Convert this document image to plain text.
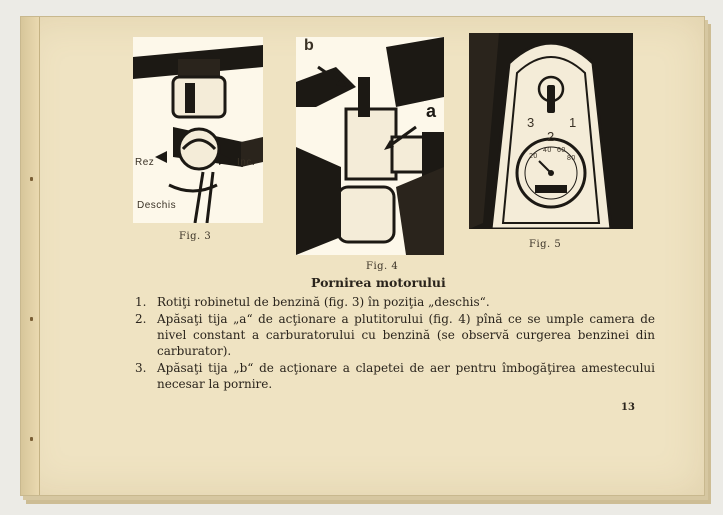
Rez	Inc.
Deschis
Fig. 3
b
a
Fig. 4
3
2
1
20
40 60
80
Fig. 5
Pornirea motorului
1. Rotiţi robinetul de benzină (fig. 3) în poziţia „deschis“.
2. Apăsaţi tija „a“ de acţionare a plutitorului (fig. 4) pînă ce se umple camera de nivel constant a carburatorului cu benzină (se observă curgerea benzinei din carburator).
3. Apăsaţi tija „b“ de acţionare a clapetei de aer pentru îmbogăţirea amestecului necesar la pornire.
13
